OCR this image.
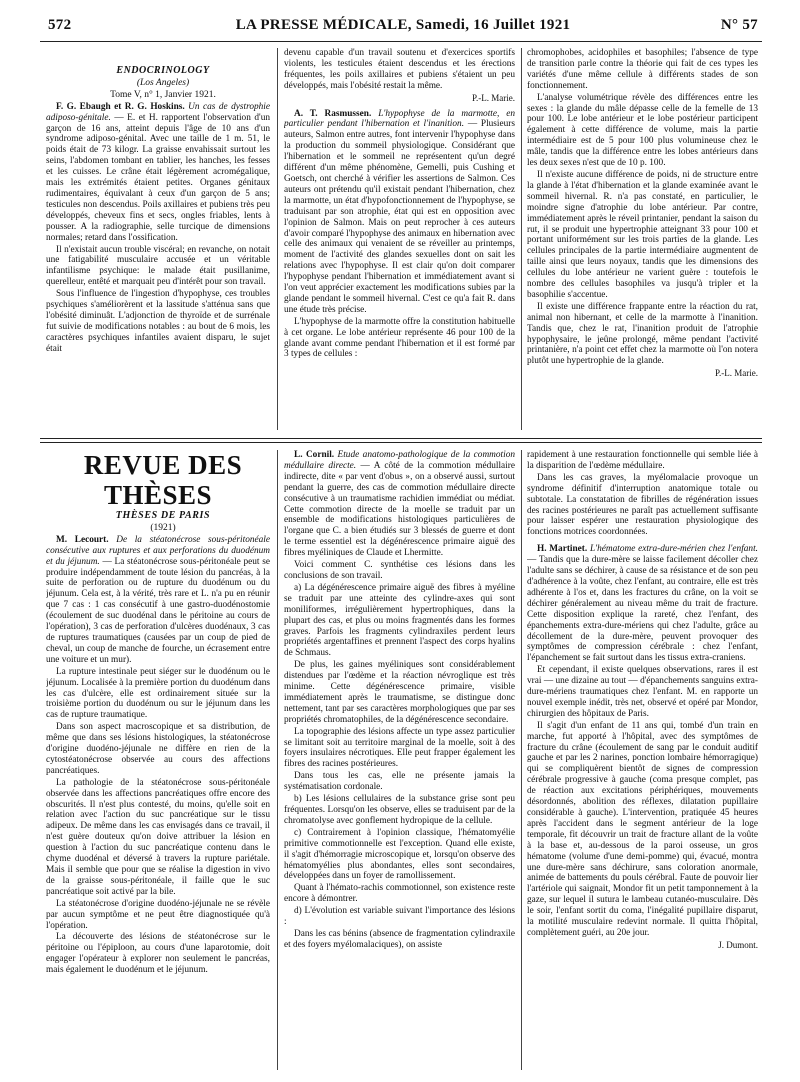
572	LA PRESSE MÉDICALE, Samedi, 16 Juillet 1921	N° 57

ENDOCRINOLOGY

(Los Angeles)

Tome V, n° 1, Janvier 1921.

F. G. Ebaugh et R. G. Hoskins. Un cas de dystrophie adiposo-génitale. — E. et H. rapportent l'observation d'un garçon de 16 ans, atteint depuis l'âge de 10 ans d'un syndrome adiposo-génital. Avec une taille de 1 m. 51, le poids était de 73 kilogr. La graisse envahissait surtout les seins, l'abdomen tombant en tablier, les hanches, les fesses et les cuisses. Le crâne était légèrement acromégalique, mais les extrémités étaient petites. Organes génitaux rudimentaires, équivalant à ceux d'un garçon de 5 ans; testicules non descendus. Poils axillaires et pubiens très peu développés, cheveux fins et secs, ongles friables, lents à pousser. A la radiographie, selle turcique de dimensions normales; retard dans l'ossification.

Il n'existait aucun trouble viscéral; en revanche, on notait une fatigabilité musculaire accusée et un véritable infantilisme psychique: le malade était pusillanime, querelleur, entêté et marquait peu d'intérêt pour son travail.

Sous l'influence de l'ingestion d'hypophyse, ces troubles psychiques s'améliorèrent et la lassitude s'atténua sans que l'obésité diminuât. L'adjonction de thyroïde et de surrénale fut suivie de modifications notables : au bout de 6 mois, les caractères psychiques infantiles avaient disparu, le sujet était

devenu capable d'un travail soutenu et d'exercices sportifs violents, les testicules étaient descendus et les érections fréquentes, les poils axillaires et pubiens s'étaient un peu développés, mais l'obésité restait la même.

P.-L. Marie.

A. T. Rasmussen. L'hypophyse de la marmotte, en particulier pendant l'hibernation et l'inanition. — Plusieurs auteurs, Salmon entre autres, font intervenir l'hypophyse dans la production du sommeil physiologique. Considérant que l'hibernation et le sommeil ne représentent qu'un degré différent d'un même phénomène, Gemelli, puis Cushing et Goetsch, ont cherché à vérifier les assertions de Salmon. Ces auteurs ont prétendu qu'il existait pendant l'hibernation, chez la marmotte, un état d'hypofonctionnement de l'hypophyse, se traduisant par son atrophie, état qui est en opposition avec l'opinion de Salmon. Mais on peut reprocher à ces auteurs d'avoir comparé l'hypophyse des animaux en hibernation avec celle des animaux qui venaient de se réveiller au printemps, moment de l'activité des glandes sexuelles dont on sait les relations avec l'hypophyse. Il est clair qu'on doit comparer l'hypophyse pendant l'hibernation et immédiatement avant si l'on veut apprécier exactement les modifications subies par la glande pendant le sommeil hivernal. C'est ce qu'a fait R. dans une étude très précise.

L'hypophyse de la marmotte offre la constitution habituelle à cet organe. Le lobe antérieur représente 46 pour 100 de la glande avant comme pendant l'hibernation et il est formé par 3 types de cellules :

chromophobes, acidophiles et basophiles; l'absence de type de transition parle contre la théorie qui fait de ces types les variétés d'une même cellule à différents stades de son fonctionnement.

L'analyse volumétrique révèle des différences entre les sexes : la glande du mâle dépasse celle de la femelle de 13 pour 100. Le lobe antérieur et le lobe postérieur participent également à cette différence de volume, mais la partie intermédiaire est de 5 pour 100 plus volumineuse chez le mâle, tandis que la différence entre les lobes antérieurs dans les deux sexes n'est que de 10 p. 100.

Il n'existe aucune différence de poids, ni de structure entre la glande à l'état d'hibernation et la glande examinée avant le sommeil hivernal. R. n'a pas constaté, en particulier, le moindre signe d'atrophie du lobe antérieur. Par contre, immédiatement après le réveil printanier, pendant la saison du rut, il se produit une hypertrophie atteignant 33 pour 100 et portant uniformément sur les trois parties de la glande. Les cellules principales de la partie intermédiaire augmentent de taille ainsi que leurs noyaux, tandis que les dimensions des cellules du lobe antérieur ne varient guère : toutefois le nombre des cellules basophiles va jusqu'à tripler et la basophilie s'accentue.

Il existe une différence frappante entre la réaction du rat, animal non hibernant, et celle de la marmotte à l'inanition. Tandis que, chez le rat, l'inanition produit de l'atrophie hypophysaire, le jeûne prolongé, même pendant l'activité printanière, n'a point cet effet chez la marmotte où l'on notera plutôt une hypertrophie de la glande.

P.-L. Marie.

REVUE DES THÈSES

THÈSES DE PARIS

(1921)

M. Lecourt. De la stéatonécrose sous-péritonéale consécutive aux ruptures et aux perforations du duodénum et du jéjunum. — La stéatonécrose sous-péritonéale peut se produire indépendamment de toute lésion du pancréas, à la suite de perforation ou de rupture du duodénum ou du jéjunum. Cela est, à la vérité, très rare et L. n'a pu en réunir que 7 cas : 1 cas consécutif à une gastro-duodénostomie (écoulement de suc duodénal dans le péritoine au cours de l'opération), 3 cas de perforation d'ulcères duodénaux, 3 cas de ruptures traumatiques (causées par un coup de pied de cheval, un coup de manche de fourche, un écrasement entre une voiture et un mur).

La rupture intestinale peut siéger sur le duodénum ou le jéjunum. Localisée à la première portion du duodénum dans les cas d'ulcère, elle est ordinairement située sur la troisième portion du duodénum ou sur le jéjunum dans les cas de rupture traumatique.

Dans son aspect macroscopique et sa distribution, de même que dans ses lésions histologiques, la stéatonécrose d'origine duodéno-jéjunale ne diffère en rien de la cytostéatonécrose observée au cours des affections pancréatiques.

La pathologie de la stéatonécrose sous-péritonéale observée dans les affections pancréatiques offre encore des obscurités. Il n'est plus contesté, du moins, qu'elle soit en relation avec l'action du suc pancréatique sur le tissu adipeux. De même dans les cas envisagés dans ce travail, il n'est guère douteux qu'on doive attribuer la lésion en question à l'action du suc pancréatique contenu dans le chyme duodénal et déversé à travers la rupture pariétale. Mais il semble que pour que se réalise la digestion in vivo de la graisse sous-péritonéale, il faille que le suc pancréatique soit activé par la bile.

La stéatonécrose d'origine duodéno-jéjunale ne se révèle par aucun symptôme et ne peut être diagnostiquée qu'à l'opération.

La découverte des lésions de stéatonécrose sur le péritoine ou l'épiploon, au cours d'une laparotomie, doit engager l'opérateur à explorer non seulement le pancréas, mais également le duodénum et le jéjunum.

L. Cornil. Étude anatomo-pathologique de la commotion médullaire directe. — A côté de la commotion médullaire indirecte, dite « par vent d'obus », on a observé aussi, surtout pendant la guerre, des cas de commotion médullaire directe consécutive à un traumatisme rachidien immédiat ou médiat. Cette commotion directe de la moelle se traduit par un ensemble de modifications histologiques particulières de l'organe que C. a bien étudiés sur 3 blessés de guerre et dont le terme essentiel est la dégénérescence primaire aiguë des fibres myéliniques de Claude et Lhermitte.

Voici comment C. synthétise ces lésions dans les conclusions de son travail.

a) La dégénérescence primaire aiguë des fibres à myéline se traduit par une atteinte des cylindre-axes qui sont moniliformes, irrégulièrement hypertrophiques, dans la plupart des cas, et plus ou moins fragmentés dans les formes graves. Parfois les fragments cylindraxiles perdent leurs propriétés argentaffines et prennent l'aspect des corps hyalins de Schmaus.

De plus, les gaines myéliniques sont considérablement distendues par l'œdème et la réaction névroglique est très minime. Cette dégénérescence primaire, visible immédiatement après le traumatisme, se distingue donc nettement, tant par ses caractères morphologiques que par ses propriétés chromatophiles, de la dégénérescence secondaire.

La topographie des lésions affecte un type assez particulier se limitant soit au territoire marginal de la moelle, soit à des foyers insulaires nécrotiques. Elle peut frapper également les fibres des racines postérieures.

Dans tous les cas, elle ne présente jamais la systématisation cordonale.

b) Les lésions cellulaires de la substance grise sont peu fréquentes. Lorsqu'on les observe, elles se traduisent par de la chromatolyse avec gonflement hydropique de la cellule.

c) Contrairement à l'opinion classique, l'hématomyélie primitive commotionnelle est l'exception. Quand elle existe, il s'agit d'hémorragie microscopique et, lorsqu'on observe des hématomyélies plus abondantes, elles sont secondaires, développées dans un foyer de ramollissement.

Quant à l'hémato-rachis commotionnel, son existence reste encore à démontrer.

d) L'évolution est variable suivant l'importance des lésions :

Dans les cas bénins (absence de fragmentation cylindraxile et des foyers myélomalaciques), on assiste

rapidement à une restauration fonctionnelle qui semble liée à la disparition de l'œdème médullaire.

Dans les cas graves, la myélomalacie provoque un syndrome définitif d'interruption anatomique totale ou subtotale. La constatation de fibrilles de régénération issues des racines postérieures ne paraît pas actuellement suffisante pour laisser espérer une restauration physiologique des fonctions motrices coordonnées.

H. Martinet. L'hématome extra-dure-mérien chez l'enfant. — Tandis que la dure-mère se laisse facilement décoller chez l'adulte sans se déchirer, à cause de sa résistance et de son peu d'adhérence à la voûte, chez l'enfant, au contraire, elle est très adhérente à l'os et, dans les fractures du crâne, on la voit se déchirer généralement au niveau même du trait de fracture. Cette disposition explique la rareté, chez l'enfant, des épanchements extra-dure-mériens qui chez l'adulte, grâce au décollement de la dure-mère, peuvent provoquer des symptômes de compression cérébrale : chez l'enfant, l'épanchement se fait surtout dans les tissus extra-craniens.

Et cependant, il existe quelques observations, rares il est vrai — une dizaine au tout — d'épanchements sanguins extra-dure-mériens traumatiques chez l'enfant. M. en rapporte un nouvel exemple inédit, très net, observé et opéré par Mondor, chirurgien des hôpitaux de Paris.

Il s'agit d'un enfant de 11 ans qui, tombé d'un train en marche, fut apporté à l'hôpital, avec des symptômes de fracture du crâne (écoulement de sang par le conduit auditif gauche et par les 2 narines, ponction lombaire hémorragique) qui se compliquèrent bientôt de signes de compression cérébrale progressive à gauche (coma presque complet, pas de réaction aux excitations périphériques, mouvements désordonnés, abolition des réflexes, dilatation pupillaire considérable à gauche). L'intervention, pratiquée 45 heures après l'accident dans le segment antérieur de la loge temporale, fit découvrir un trait de fracture allant de la voûte à la base et, au-dessous de la paroi osseuse, un gros hématome (volume d'une demi-pomme) qui, évacué, montra une dure-mère sans déchirure, sans coloration anormale, animée de battements du pouls cérébral. Faute de pouvoir lier l'artériole qui saignait, Mondor fit un petit tamponnement à la gaze, sur lequel il sutura le lambeau cutanéo-musculaire. Dès le soir, l'enfant sortit du coma, l'inégalité pupillaire disparut, la motilité musculaire redevint normale. Il quitta l'hôpital, complètement guéri, au 20e jour.

J. Dumont.
